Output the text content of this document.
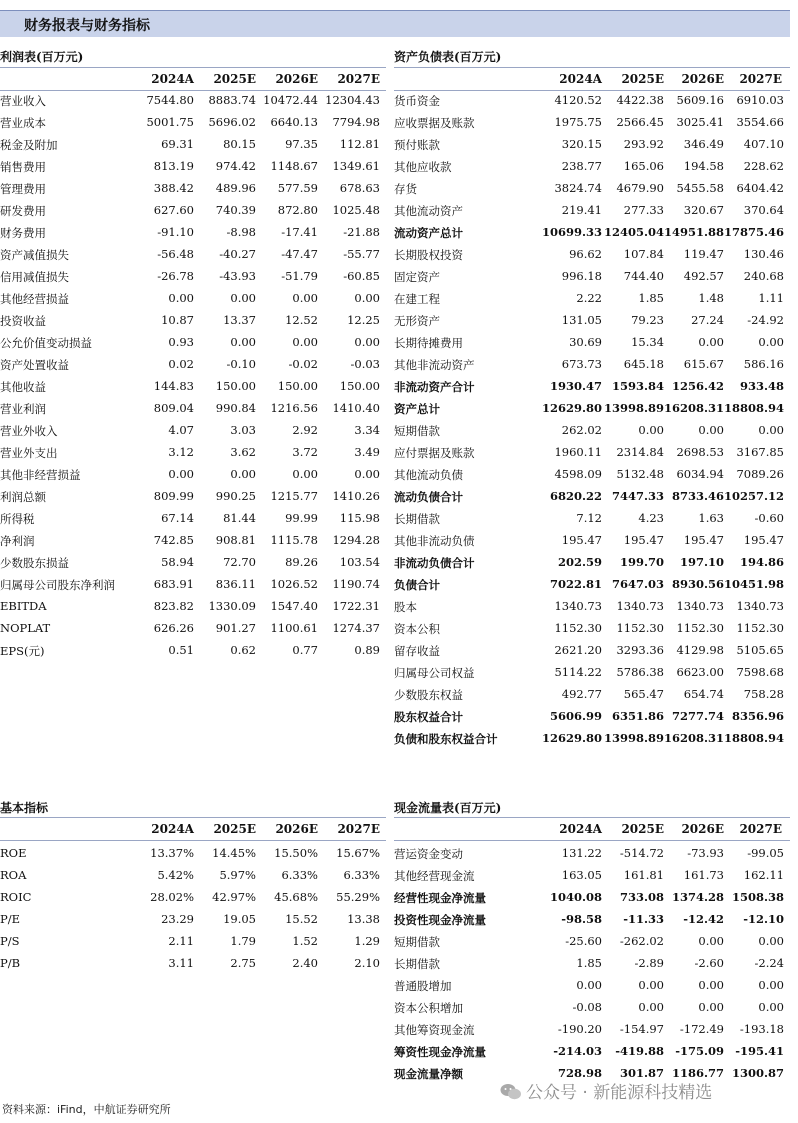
财务报表与财务指标
利润表(百万元)
2024A 2025E 2026E 2027E
营业收入	7544.80 8883.74 10472.44 12304.43
营业成本	5001.75 5696.02 6640.13 7794.98
税金及附加	69.31	80.15	97.35 112.81
销售费用	813.19 974.42 1148.67 1349.61
管理费用	388.42 489.96 577.59 678.63
研发费用	627.60 740.39 872.80 1025.48
财务费用	-91.10	-8.98 -17.41 -21.88
资产减值损失	-56.48 -40.27 -47.47 -55.77
信用减值损失	-26.78 -43.93 -51.79 -60.85
其他经营损益	0.00	0.00	0.00	0.00
投资收益	10.87	13.37	12.52	12.25
公允价值变动损益	0.93	0.00	0.00	0.00
资产处置收益	0.02	-0.10	-0.02	-0.03
其他收益	144.83 150.00 150.00 150.00
营业利润	809.04 990.84 1216.56 1410.40
营业外收入	4.07	3.03	2.92	3.34
营业外支出	3.12	3.62	3.72	3.49
其他非经营损益	0.00	0.00	0.00	0.00
利润总额	809.99 990.25 1215.77 1410.26
所得税	67.14	81.44	99.99 115.98
净利润	742.85 908.81 1115.78 1294.28
少数股东损益	58.94	72.70	89.26 103.54
归属母公司股东净利润	683.91 836.11 1026.52 1190.74
EBITDA	823.82 1330.09 1547.40 1722.31
NOPLAT	626.26 901.27 1100.61 1274.37
EPS(元)	0.51	0.62	0.77	0.89
资产负债表(百万元)
2024A 2025E 2026E 2027E
货币资金	4120.52 4422.38 5609.16 6910.03
应收票据及账款	1975.75 2566.45 3025.41 3554.66
预付账款	320.15 293.92 346.49 407.10
其他应收款	238.77 165.06 194.58 228.62
存货	3824.74 4679.90 5455.58 6404.42
其他流动资产	219.41 277.33 320.67 370.64
流动资产总计	10699.33 12405.04 14951.88 17875.46
长期股权投资	96.62 107.84 119.47 130.46
固定资产	996.18 744.40 492.57 240.68
在建工程	2.22	1.85	1.48	1.11
无形资产	131.05	79.23 27.24 -24.92
长期待摊费用	30.69	15.34	0.00	0.00
其他非流动资产	673.73 645.18 615.67 586.16
非流动资产合计	1930.47 1593.84 1256.42 933.48
资产总计	12629.80 13998.89 16208.31 18808.94
短期借款	262.02	0.00	0.00	0.00
应付票据及账款	1960.11 2314.84 2698.53 3167.85
其他流动负债	4598.09 5132.48 6034.94 7089.26
流动负债合计	6820.22 7447.33 8733.46 10257.12
长期借款	7.12	4.23	1.63	-0.60
其他非流动负债	195.47 195.47 195.47 195.47
非流动负债合计	202.59 199.70 197.10 194.86
负债合计	7022.81 7647.03 8930.56 10451.98
股本	1340.73 1340.73 1340.73 1340.73
资本公积	1152.30 1152.30 1152.30 1152.30
留存收益	2621.20 3293.36 4129.98 5105.65
归属母公司权益	5114.22 5786.38 6623.00 7598.68
少数股东权益	492.77 565.47 654.74 758.28
股东权益合计	5606.99 6351.86 7277.74 8356.96
负债和股东权益合计	12629.80 13998.89 16208.31 18808.94
基本指标
2024A 2025E 2026E 2027E
ROE	13.37% 14.45% 15.50% 15.67%
ROA	5.42% 5.97% 6.33% 6.33%
ROIC	28.02% 42.97% 45.68% 55.29%
P/E	23.29	19.05	15.52	13.38
P/S	2.11	1.79	1.52	1.29
P/B	3.11	2.75	2.40	2.10
现金流量表(百万元)
2024A 2025E 2026E 2027E
营运资金变动	131.22 -514.72 -73.93 -99.05
其他经营现金流	163.05 161.81 161.73 162.11
经营性现金净流量	1040.08 733.08 1374.28 1508.38
投资性现金净流量	-98.58 -11.33 -12.42 -12.10
短期借款	-25.60 -262.02	0.00	0.00
长期借款	1.85	-2.89	-2.60	-2.24
普通股增加	0.00	0.00	0.00	0.00
资本公积增加	-0.08	0.00	0.00	0.00
其他筹资现金流	-190.20 -154.97 -172.49 -193.18
筹资性现金净流量	-214.03 -419.88 -175.09 -195.41
现金流量净额	728.98 301.87 1186.77 1300.87
公众号 · 新能源科技精选
资料来源：iFind，中航证券研究所
